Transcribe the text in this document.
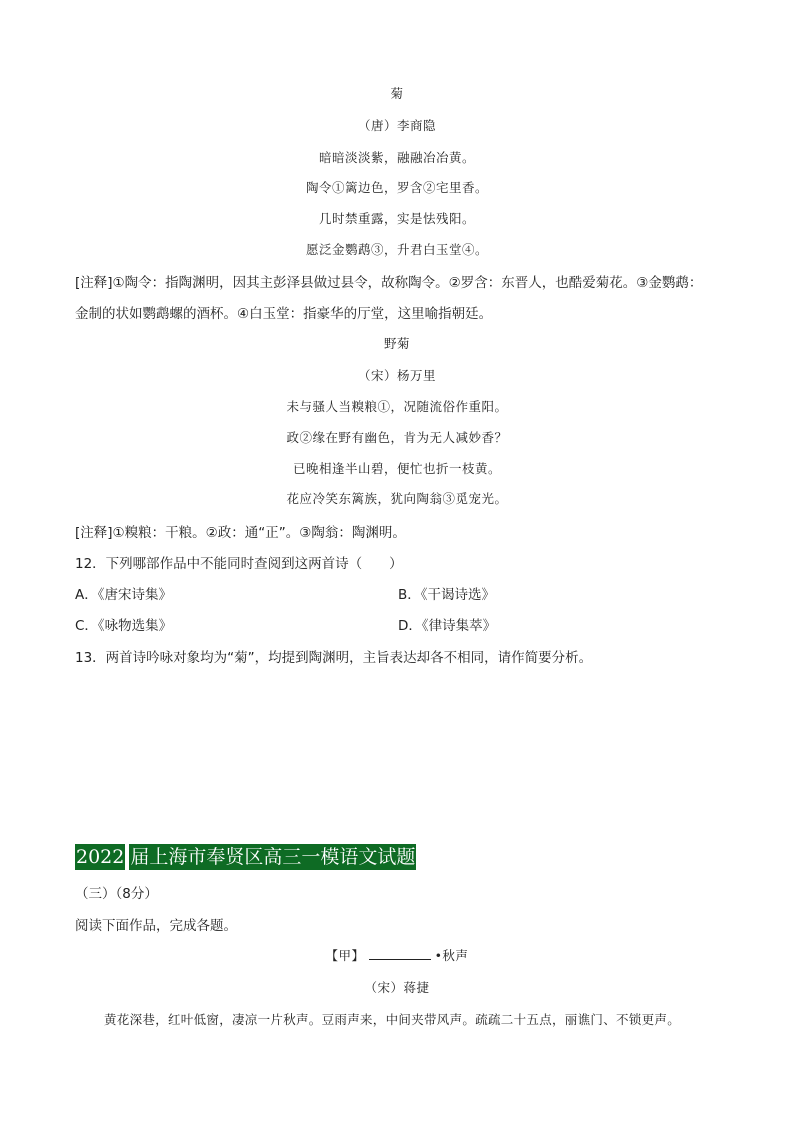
菊
（唐）李商隐
暗暗淡淡紫，融融冶冶黄。
陶令①篱边色，罗含②宅里香。
几时禁重露，实是怯残阳。
愿泛金鹦鹉③，升君白玉堂④。
[注释]①陶令：指陶渊明，因其主彭泽县做过县令，故称陶令。②罗含：东晋人，也酷爱菊花。③金鹦鹉：
金制的状如鹦鹉螺的酒杯。④白玉堂：指豪华的厅堂，这里喻指朝廷。
野菊
（宋）杨万里
未与骚人当糗粮①，况随流俗作重阳。
政②缘在野有幽色，肯为无人减妙香？
已晚相逢半山碧，便忙也折一枝黄。
花应冷笑东篱族，犹向陶翁③觅宠光。
[注释]①糗粮：干粮。②政：通“正”。③陶翁：陶渊明。
12．下列哪部作品中不能同时查阅到这两首诗（　　）
A．《唐宋诗集》	B．《干谒诗选》
C．《咏物选集》	D．《律诗集萃》
13．两首诗吟咏对象均为“菊”，均提到陶渊明，主旨表达却各不相同，请作简要分析。
2022 届上海市奉贤区高三一模语文试题
（三）（8分）
阅读下面作品，完成各题。
【甲】	•秋声
（宋）蒋捷
黄花深巷，红叶低窗，凄凉一片秋声。豆雨声来，中间夹带风声。疏疏二十五点，丽谯门、不锁更声。
